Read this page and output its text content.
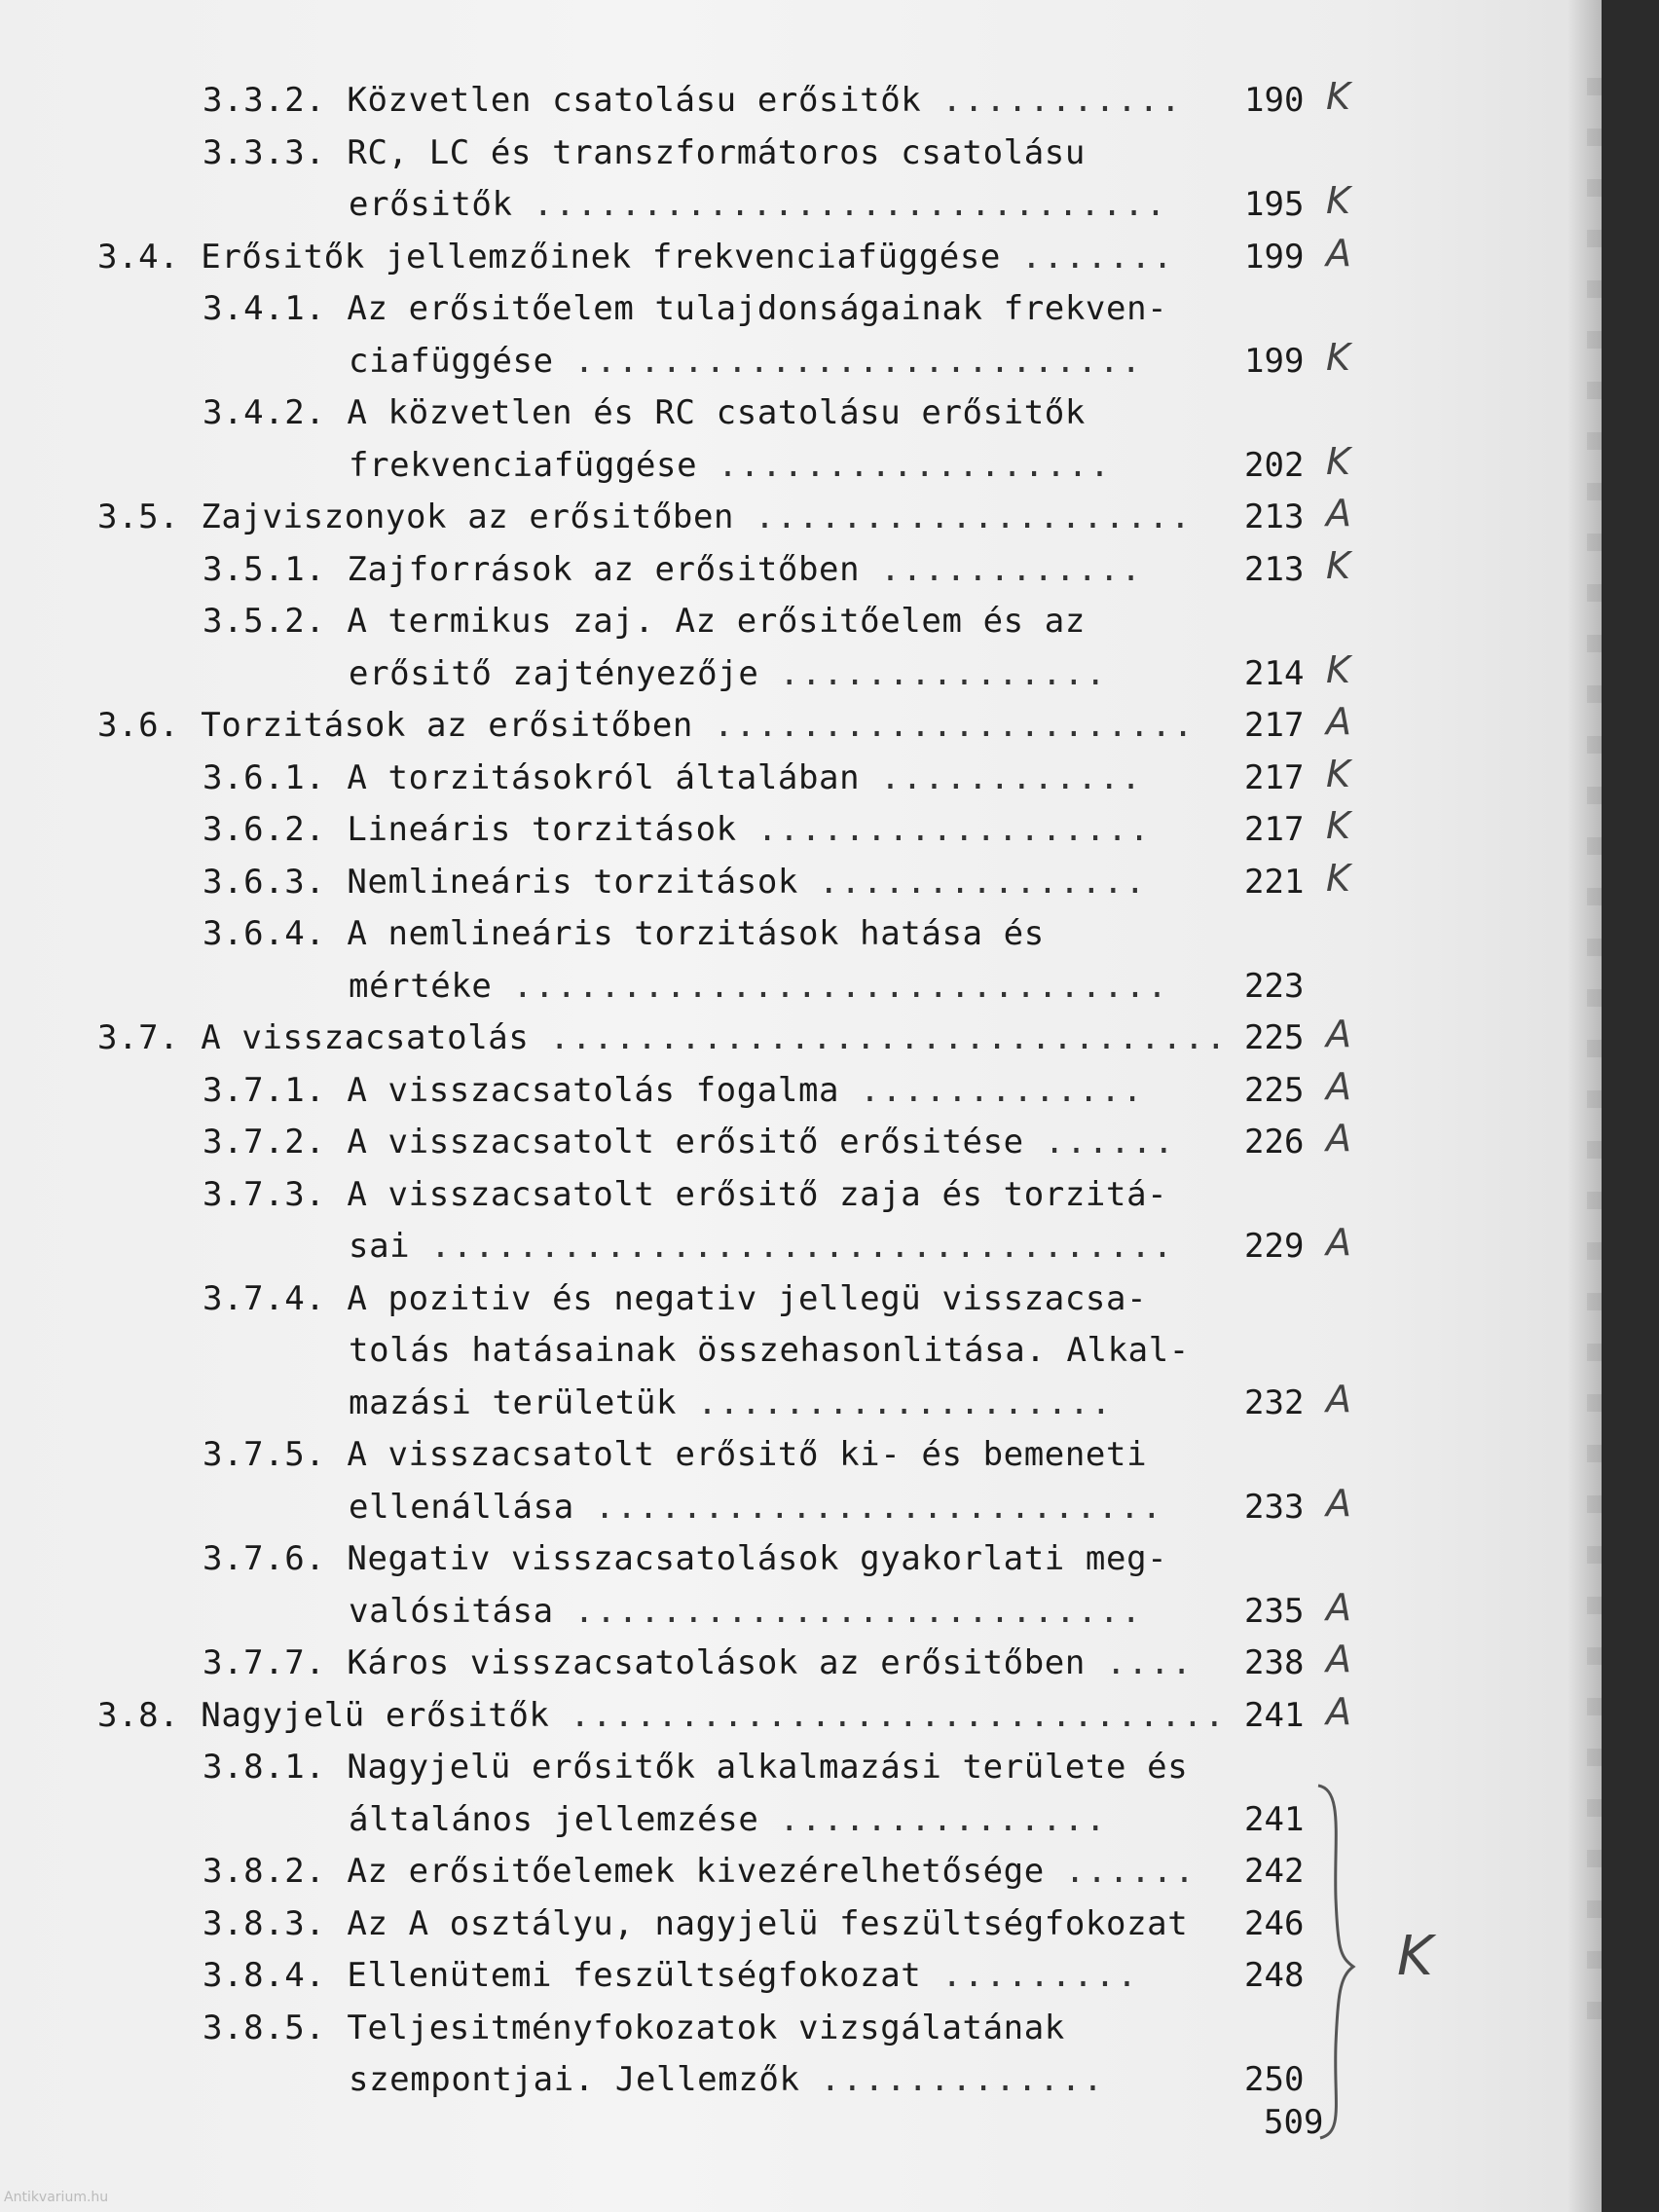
190 K
3.3.2. Közvetlen csatolásu erősitők ...........
3.3.3. RC, LC és transzformátoros csatolásu
195 K
erősitők .............................
199 A
3.4. Erősitők jellemzőinek frekvenciafüggése .......
3.4.1. Az erősitőelem tulajdonságainak frekven-
199 K
ciafüggése ..........................
3.4.2. A közvetlen és RC csatolásu erősitők
202 K
frekvenciafüggése ..................
213 A
3.5. Zajviszonyok az erősitőben ....................
213 K
3.5.1. Zajforrások az erősitőben ............
3.5.2. A termikus zaj. Az erősitőelem és az
214 K
erősitő zajtényezője ...............
217 A
3.6. Torzitások az erősitőben ......................
217 K
3.6.1. A torzitásokról általában ............
217 K
3.6.2. Lineáris torzitások ..................
221 K
3.6.3. Nemlineáris torzitások ...............
3.6.4. A nemlineáris torzitások hatása és
223
mértéke ..............................
225 A
3.7. A visszacsatolás ...............................
225 A
3.7.1. A visszacsatolás fogalma .............
226 A
3.7.2. A visszacsatolt erősitő erősitése ......
3.7.3. A visszacsatolt erősitő zaja és torzitá-
229 A
sai ..................................
3.7.4. A pozitiv és negativ jellegü visszacsa-
tolás hatásainak összehasonlitása. Alkal-
232 A
mazási területük ...................
3.7.5. A visszacsatolt erősitő ki- és bemeneti
233 A
ellenállása ..........................
3.7.6. Negativ visszacsatolások gyakorlati meg-
235 A
valósitása ..........................
238 A
3.7.7. Káros visszacsatolások az erősitőben ....
241 A
3.8. Nagyjelü erősitők ..............................
3.8.1. Nagyjelü erősitők alkalmazási területe és
241
általános jellemzése ...............
242
3.8.2. Az erősitőelemek kivezérelhetősége ......
246
3.8.3. Az A osztályu, nagyjelü feszültségfokozat
248
3.8.4. Ellenütemi feszültségfokozat .........
3.8.5. Teljesitményfokozatok vizsgálatának
250
szempontjai. Jellemzők .............
K
509
Antikvarium.hu
